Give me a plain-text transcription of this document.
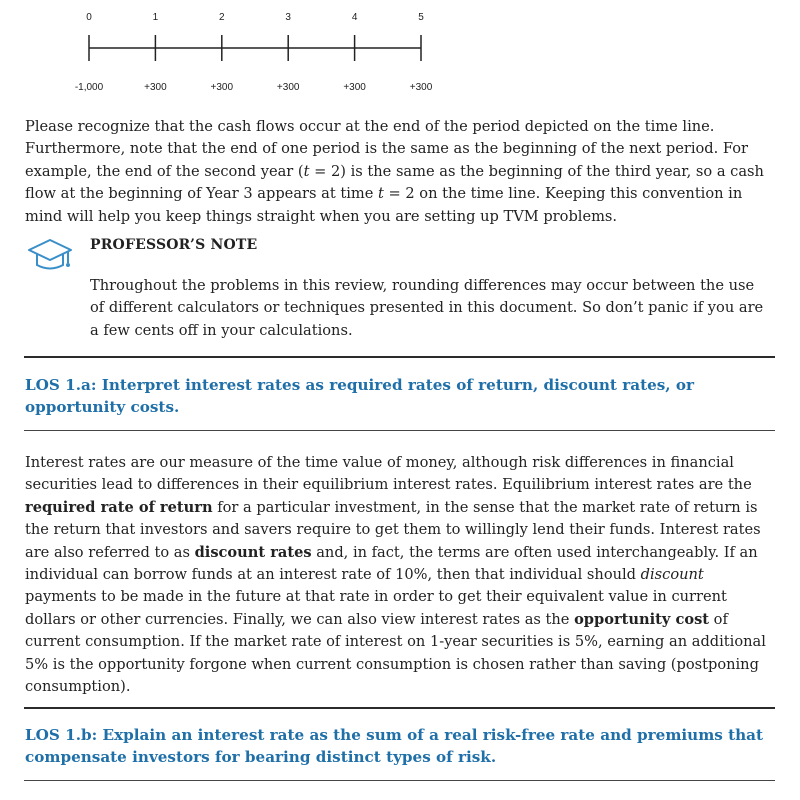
0
-1,000
1
+300
2
+300
3
+300
4
+300
5
+300

Please recognize that the cash flows occur at the end of the period depicted on the time line. Furthermore, note that the end of one period is the same as the beginning of the next period. For example, the end of the second year (t = 2) is the same as the beginning of the third year, so a cash flow at the beginning of Year 3 appears at time t = 2 on the time line. Keeping this convention in mind will help you keep things straight when you are setting up TVM problems.

PROFESSOR’S NOTE

Throughout the problems in this review, rounding differences may occur between the use of different calculators or techniques presented in this document. So don’t panic if you are a few cents off in your calculations.

LOS 1.a: Interpret interest rates as required rates of return, discount rates, or opportunity costs.

Interest rates are our measure of the time value of money, although risk differences in financial securities lead to differences in their equilibrium interest rates. Equilibrium interest rates are the required rate of return for a particular investment, in the sense that the market rate of return is the return that investors and savers require to get them to willingly lend their funds. Interest rates are also referred to as discount rates and, in fact, the terms are often used interchangeably. If an individual can borrow funds at an interest rate of 10%, then that individual should discount payments to be made in the future at that rate in order to get their equivalent value in current dollars or other currencies. Finally, we can also view interest rates as the opportunity cost of current consumption. If the market rate of interest on 1-year securities is 5%, earning an additional 5% is the opportunity forgone when current consumption is chosen rather than saving (postponing consumption).

LOS 1.b: Explain an interest rate as the sum of a real risk-free rate and premiums that compensate investors for bearing distinct types of risk.
